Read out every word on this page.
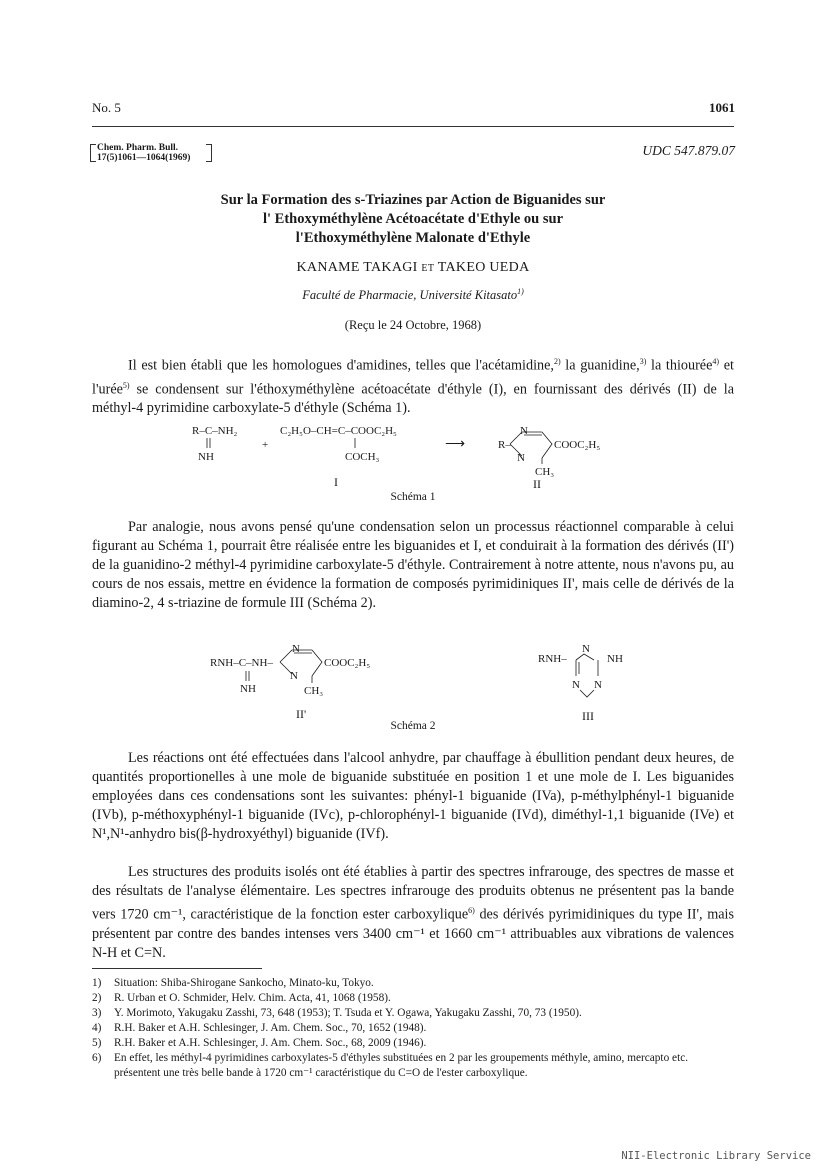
No. 5	1061
Chem. Pharm. Bull.
17(5)1061—1064(1969)	UDC 547.879.07
Sur la Formation des s-Triazines par Action de Biguanides sur
l' Ethoxyméthylène Acétoacétate d'Ethyle ou sur
l'Ethoxyméthylène Malonate d'Ethyle
KANAME TAKAGI et TAKEO UEDA
Faculté de Pharmacie, Université Kitasato$^{1)}$
(Reçu le 24 Octobre, 1968)

Il est bien établi que les homologues d'amidines, telles que l'acétamidine,$^{2)}$ la guanidine,$^{3)}$ la thiourée$^{4)}$ et l'urée$^{5)}$ se condensent sur l'éthoxyméthylène acétoacétate d'éthyle (I), en fournissant des dérivés (II) de la méthyl-4 pyrimidine carboxylate-5 d'éthyle (Schéma 1).

R–C–NH₂
NH
+
C₂H₅O–CH=C–COOC₂H₅
COCH₃
⟶	R–
N
N
COOC₂H₅
CH₃
I	II
Schéma 1

Par analogie, nous avons pensé qu'une condensation selon un processus réactionnel comparable à celui figurant au Schéma 1, pourrait être réalisée entre les biguanides et I, et conduirait à la formation des dérivés (II') de la guanidino-2 méthyl-4 pyrimidine carboxylate-5 d'éthyle. Contrairement à notre attente, nous n'avons pu, au cours de nos essais, mettre en évidence la formation de composés pyrimidiniques II', mais celle de dérivés de la diamino-2, 4 s-triazine de formule III (Schéma 2).

RNH–C–NH–
NH
N
N
COOC₂H₅
CH₃
II'
RNH–
N
NH
N N
III
Schéma 2

Les réactions ont été effectuées dans l'alcool anhydre, par chauffage à ébullition pendant deux heures, de quantités proportionelles à une mole de biguanide substituée en position 1 et une mole de I. Les biguanides employées dans ces condensations sont les suivantes: phényl-1 biguanide (IVa), p-méthylphényl-1 biguanide (IVb), p-méthoxyphényl-1 biguanide (IVc), p-chlorophényl-1 biguanide (IVd), diméthyl-1,1 biguanide (IVe) et N¹,N¹-anhydro bis(β-hydroxyéthyl) biguanide (IVf).

Les structures des produits isolés ont été établies à partir des spectres infrarouge, des spectres de masse et des résultats de l'analyse élémentaire. Les spectres infrarouge des produits obtenus ne présentent pas la bande vers 1720 cm⁻¹, caractéristique de la fonction ester carboxylique$^{6)}$ des dérivés pyrimidiniques du type II', mais présentent par contre des bandes intenses vers 3400 cm⁻¹ et 1660 cm⁻¹ attribuables aux vibrations de valences N-H et C=N.

1)	Situation: Shiba-Shirogane Sankocho, Minato-ku, Tokyo.
2)	R. Urban et O. Schmider, Helv. Chim. Acta, 41, 1068 (1958).
3)	Y. Morimoto, Yakugaku Zasshi, 73, 648 (1953); T. Tsuda et Y. Ogawa, Yakugaku Zasshi, 70, 73 (1950).
4)	R.H. Baker et A.H. Schlesinger, J. Am. Chem. Soc., 70, 1652 (1948).
5)	R.H. Baker et A.H. Schlesinger, J. Am. Chem. Soc., 68, 2009 (1946).
6)	En effet, les méthyl-4 pyrimidines carboxylates-5 d'éthyles substituées en 2 par les groupements méthyle, amino, mercapto etc. présentent une très belle bande à 1720 cm⁻¹ caractéristique du C=O de l'ester carboxylique.
NII-Electronic Library Service
